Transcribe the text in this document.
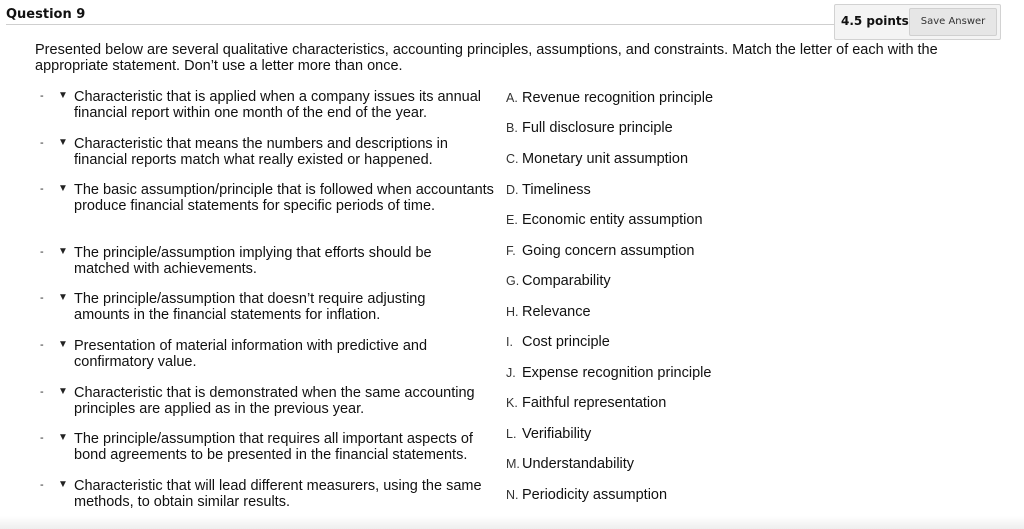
Question 9	4.5 points	Save Answer
Presented below are several qualitative characteristics, accounting principles, assumptions, and constraints. Match the letter of each with the appropriate statement. Don’t use a letter more than once.
- ▼ Characteristic that is applied when a company issues its annual financial report within one month of the end of the year.
- ▼ Characteristic that means the numbers and descriptions in financial reports match what really existed or happened.
- ▼ The basic assumption/principle that is followed when accountants produce financial statements for specific periods of time.
- ▼ The principle/assumption implying that efforts should be matched with achievements.
- ▼ The principle/assumption that doesn’t require adjusting amounts in the financial statements for inflation.
- ▼ Presentation of material information with predictive and confirmatory value.
- ▼ Characteristic that is demonstrated when the same accounting principles are applied as in the previous year.
- ▼ The principle/assumption that requires all important aspects of bond agreements to be presented in the financial statements.
- ▼ Characteristic that will lead different measurers, using the same methods, to obtain similar results.
A. Revenue recognition principle
B. Full disclosure principle
C. Monetary unit assumption
D. Timeliness
E. Economic entity assumption
F. Going concern assumption
G. Comparability
H. Relevance
I. Cost principle
J. Expense recognition principle
K. Faithful representation
L. Verifiability
M. Understandability
N. Periodicity assumption
